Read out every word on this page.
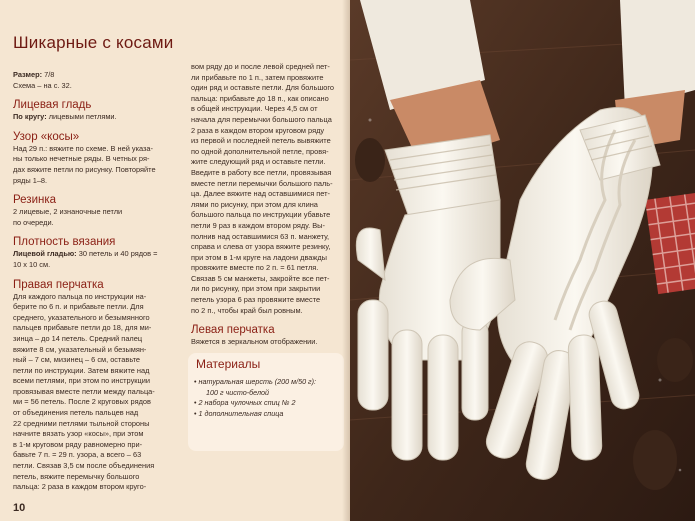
Шикарные с косами

Размер: 7/8

Схема – на с. 32.

Лицевая гладь

По кругу: лицевыми петлями.

Узор «косы»

Над 29 п.: вяжите по схеме. В ней указа-

ны только нечетные ряды. В четных ря-

дах вяжите петли по рисунку. Повторяйте

ряды 1–8.

Резинка

2 лицевые, 2 изнаночные петли

по очереди.

Плотность вязания

Лицевой гладью: 30 петель и 40 рядов =

10 х 10 см.

Правая перчатка

Для каждого пальца по инструкции на-

берите по 6 п. и прибавьте петли. Для

среднего, указательного и безымянного

пальцев прибавьте петли до 18, для ми-

зинца – до 14 петель. Средний палец

вяжите 8 см, указательный и безымян-

ный – 7 см, мизинец – 6 см, оставьте

петли по инструкции. Затем вяжите над

всеми петлями, при этом по инструкции

провязывая вместе петли между пальца-

ми = 56 петель. После 2 круговых рядов

от объединения петель пальцев над

22 средними петлями тыльной стороны

начните вязать узор «косы», при этом

в 1-м круговом ряду равномерно при-

бавьте 7 п. = 29 п. узора, а всего – 63

петли. Связав 3,5 см после объединения

петель, вяжите перемычку большого

пальца: 2 раза в каждом втором круго-

вом ряду до и после левой средней пет-

ли прибавьте по 1 п., затем провяжите

один ряд и оставьте петли. Для большого

пальца: прибавьте до 18 п., как описано

в общей инструкции. Через 4,5 см от

начала для перемычки большого пальца

2 раза в каждом втором круговом ряду

из первой и последней петель вывяжите

по одной дополнительной петле, провя-

жите следующий ряд и оставьте петли.

Введите в работу все петли, провязывая

вместе петли перемычки большого паль-

ца. Далее вяжите над оставшимися пет-

лями по рисунку, при этом для клина

большого пальца по инструкции убавьте

петли 9 раз в каждом втором ряду. Вы-

полнив над оставшимися 63 п. манжету,

справа и слева от узора вяжите резинку,

при этом в 1-м круге на ладони дважды

провяжите вместе по 2 п. = 61 петля.

Связав 5 см манжеты, закройте все пет-

ли по рисунку, при этом при закрытии

петель узора 6 раз провяжите вместе

по 2 п., чтобы край был ровным.

Левая перчатка

Вяжется в зеркальном отображении.

Материалы
• натуральная шерсть (200 м/50 г):
100 г чисто-белой
• 2 набора чулочных спиц № 2
• 1 дополнительная спица
10
